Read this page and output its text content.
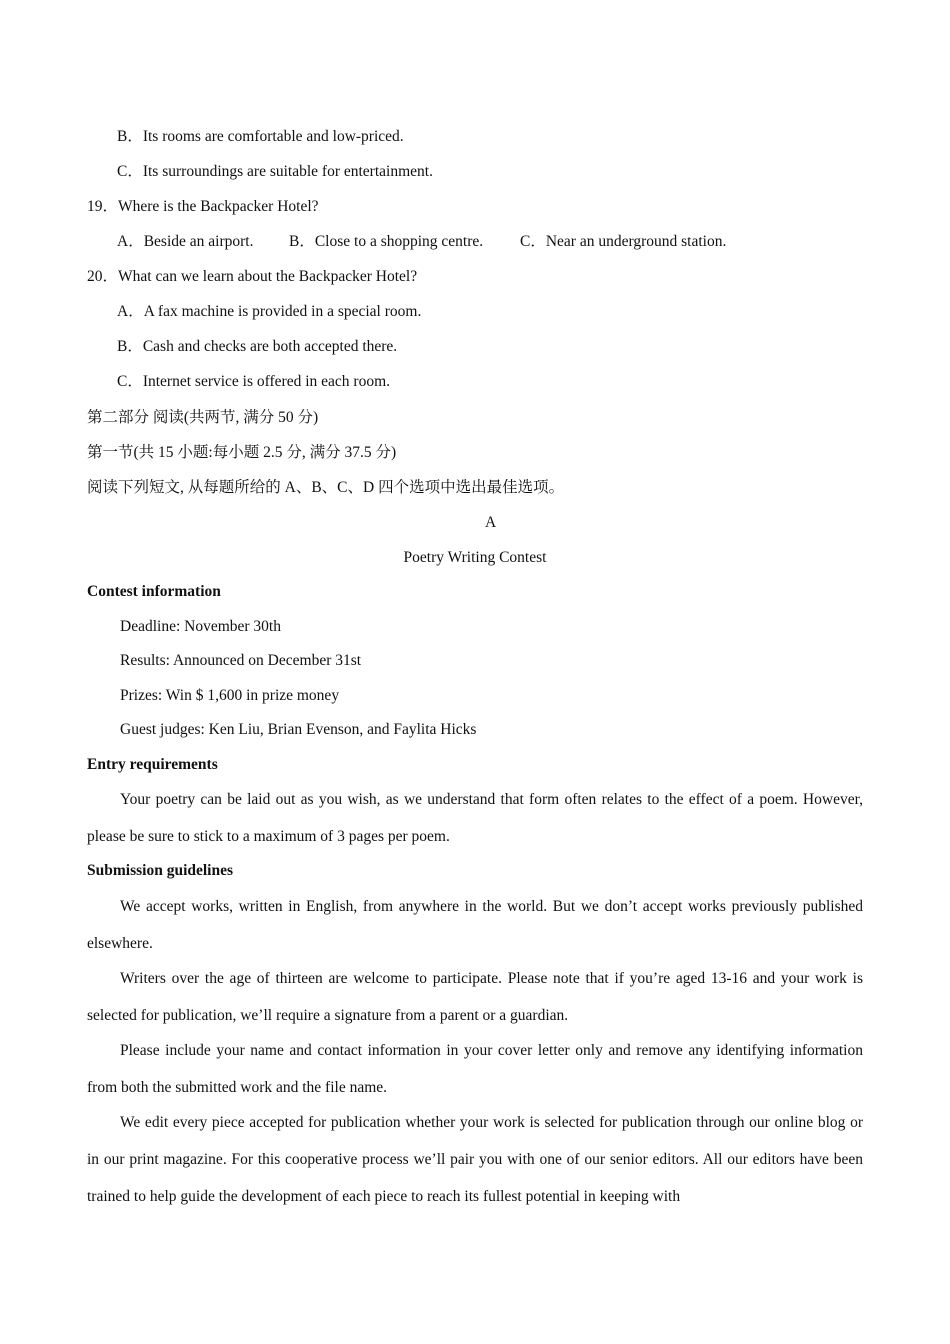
B．Its rooms are comfortable and low-priced.
C．Its surroundings are suitable for entertainment.
19．Where is the Backpacker Hotel?
A．Beside an airport. B．Close to a shopping centre. C．Near an underground station.
20．What can we learn about the Backpacker Hotel?
A．A fax machine is provided in a special room.
B．Cash and checks are both accepted there.
C．Internet service is offered in each room.
第二部分 阅读(共两节, 满分 50 分)
第一节(共 15 小题:每小题 2.5 分, 满分 37.5 分)
阅读下列短文, 从每题所给的 A、B、C、D 四个选项中选出最佳选项。
A
Poetry Writing Contest
Contest information
Deadline: November 30th
Results: Announced on December 31st
Prizes: Win $ 1,600 in prize money
Guest judges: Ken Liu, Brian Evenson, and Faylita Hicks
Entry requirements
Your poetry can be laid out as you wish, as we understand that form often relates to the effect of a poem. However, please be sure to stick to a maximum of 3 pages per poem.
Submission guidelines
We accept works, written in English, from anywhere in the world. But we don’t accept works previously published elsewhere.
Writers over the age of thirteen are welcome to participate. Please note that if you’re aged 13-16 and your work is selected for publication, we’ll require a signature from a parent or a guardian.
Please include your name and contact information in your cover letter only and remove any identifying information from both the submitted work and the file name.
We edit every piece accepted for publication whether your work is selected for publication through our online blog or in our print magazine. For this cooperative process we’ll pair you with one of our senior editors. All our editors have been trained to help guide the development of each piece to reach its fullest potential in keeping with
